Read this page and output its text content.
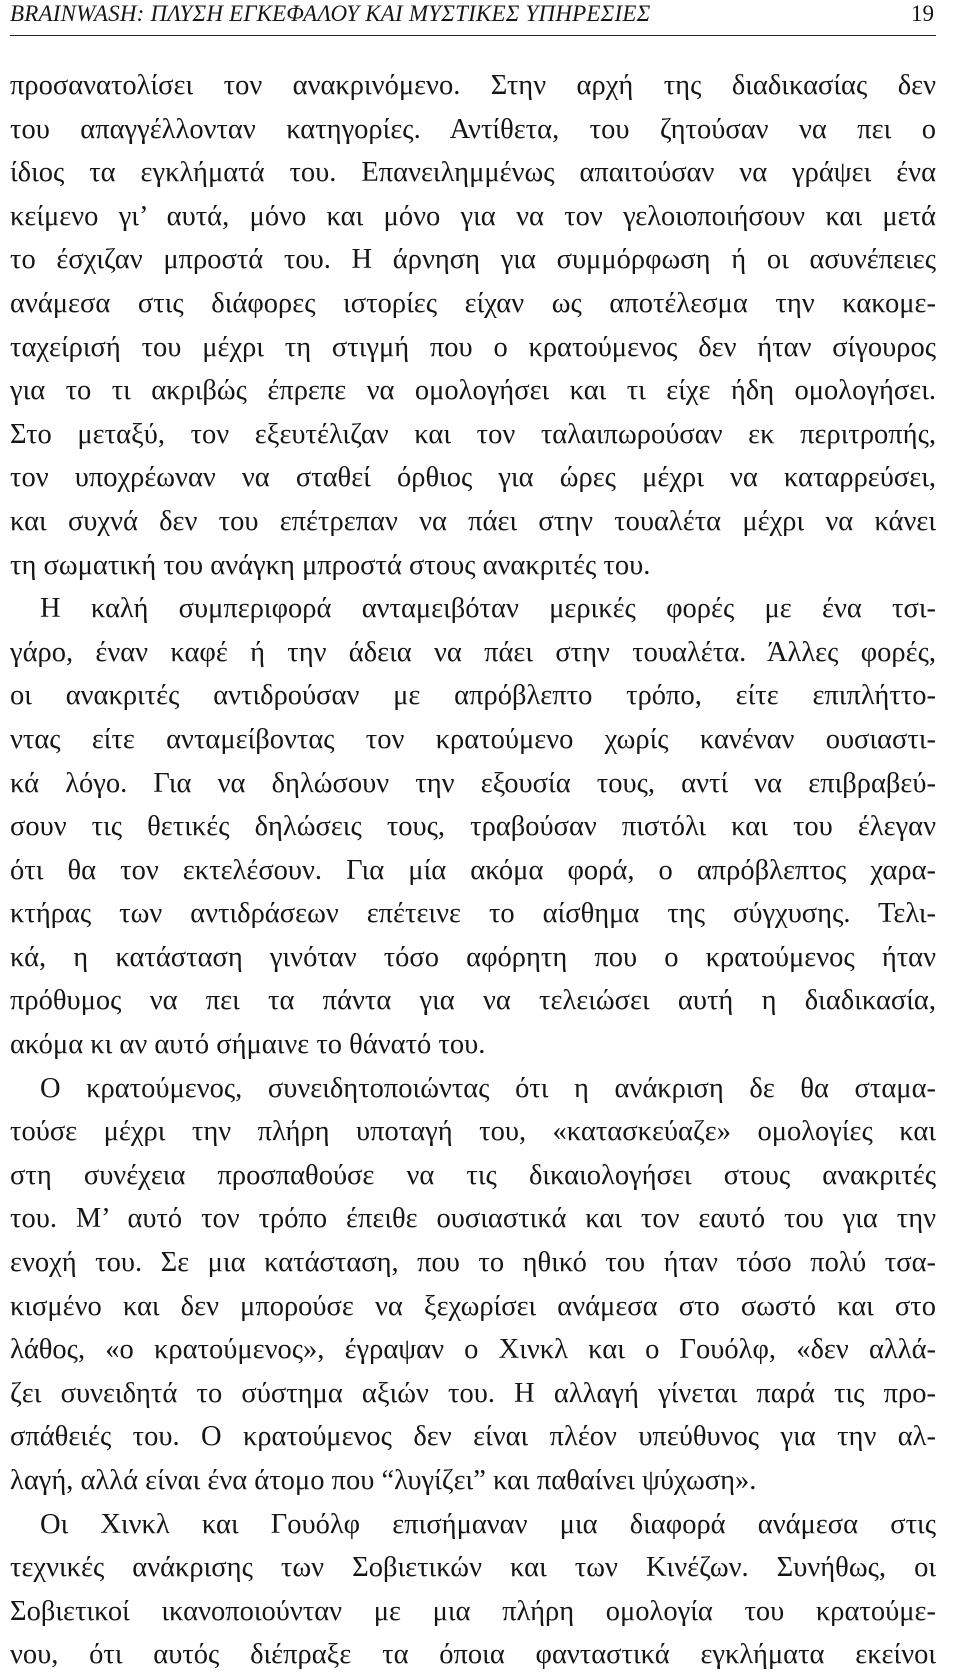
BRAINWASH: ΠΛΥΣΗ ΕΓΚΕΦΑΛΟΥ ΚΑΙ ΜΥΣΤΙΚΕΣ ΥΠΗΡΕΣΙΕΣ	19
προσανατολίσει τον ανακρινόμενο. Στην αρχή της διαδικασίας δεν
του απαγγέλλονταν κατηγορίες. Αντίθετα, του ζητούσαν να πει ο
ίδιος τα εγκλήματά του. Επανειλημμένως απαιτούσαν να γράψει ένα
κείμενο γι’ αυτά, μόνο και μόνο για να τον γελοιοποιήσουν και μετά
το έσχιζαν μπροστά του. Η άρνηση για συμμόρφωση ή οι ασυνέπειες
ανάμεσα στις διάφορες ιστορίες είχαν ως αποτέλεσμα την κακομε-
ταχείρισή του μέχρι τη στιγμή που ο κρατούμενος δεν ήταν σίγουρος
για το τι ακριβώς έπρεπε να ομολογήσει και τι είχε ήδη ομολογήσει.
Στο μεταξύ, τον εξευτέλιζαν και τον ταλαιπωρούσαν εκ περιτροπής,
τον υποχρέωναν να σταθεί όρθιος για ώρες μέχρι να καταρρεύσει,
και συχνά δεν του επέτρεπαν να πάει στην τουαλέτα μέχρι να κάνει
τη σωματική του ανάγκη μπροστά στους ανακριτές του.
Η καλή συμπεριφορά ανταμειβόταν μερικές φορές με ένα τσι-
γάρο, έναν καφέ ή την άδεια να πάει στην τουαλέτα. Άλλες φορές,
οι ανακριτές αντιδρούσαν με απρόβλεπτο τρόπο, είτε επιπλήττο-
ντας είτε ανταμείβοντας τον κρατούμενο χωρίς κανέναν ουσιαστι-
κά λόγο. Για να δηλώσουν την εξουσία τους, αντί να επιβραβεύ-
σουν τις θετικές δηλώσεις τους, τραβούσαν πιστόλι και του έλεγαν
ότι θα τον εκτελέσουν. Για μία ακόμα φορά, ο απρόβλεπτος χαρα-
κτήρας των αντιδράσεων επέτεινε το αίσθημα της σύγχυσης. Τελι-
κά, η κατάσταση γινόταν τόσο αφόρητη που ο κρατούμενος ήταν
πρόθυμος να πει τα πάντα για να τελειώσει αυτή η διαδικασία,
ακόμα κι αν αυτό σήμαινε το θάνατό του.
Ο κρατούμενος, συνειδητοποιώντας ότι η ανάκριση δε θα σταμα-
τούσε μέχρι την πλήρη υποταγή του, «κατασκεύαζε» ομολογίες και
στη συνέχεια προσπαθούσε να τις δικαιολογήσει στους ανακριτές
του. Μ’ αυτό τον τρόπο έπειθε ουσιαστικά και τον εαυτό του για την
ενοχή του. Σε μια κατάσταση, που το ηθικό του ήταν τόσο πολύ τσα-
κισμένο και δεν μπορούσε να ξεχωρίσει ανάμεσα στο σωστό και στο
λάθος, «ο κρατούμενος», έγραψαν ο Χινκλ και ο Γουόλφ, «δεν αλλά-
ζει συνειδητά το σύστημα αξιών του. Η αλλαγή γίνεται παρά τις προ-
σπάθειές του. Ο κρατούμενος δεν είναι πλέον υπεύθυνος για την αλ-
λαγή, αλλά είναι ένα άτομο που “λυγίζει” και παθαίνει ψύχωση».
Οι Χινκλ και Γουόλφ επισήμαναν μια διαφορά ανάμεσα στις
τεχνικές ανάκρισης των Σοβιετικών και των Κινέζων. Συνήθως, οι
Σοβιετικοί ικανοποιούνταν με μια πλήρη ομολογία του κρατούμε-
νου, ότι αυτός διέπραξε τα όποια φανταστικά εγκλήματα εκείνοι
